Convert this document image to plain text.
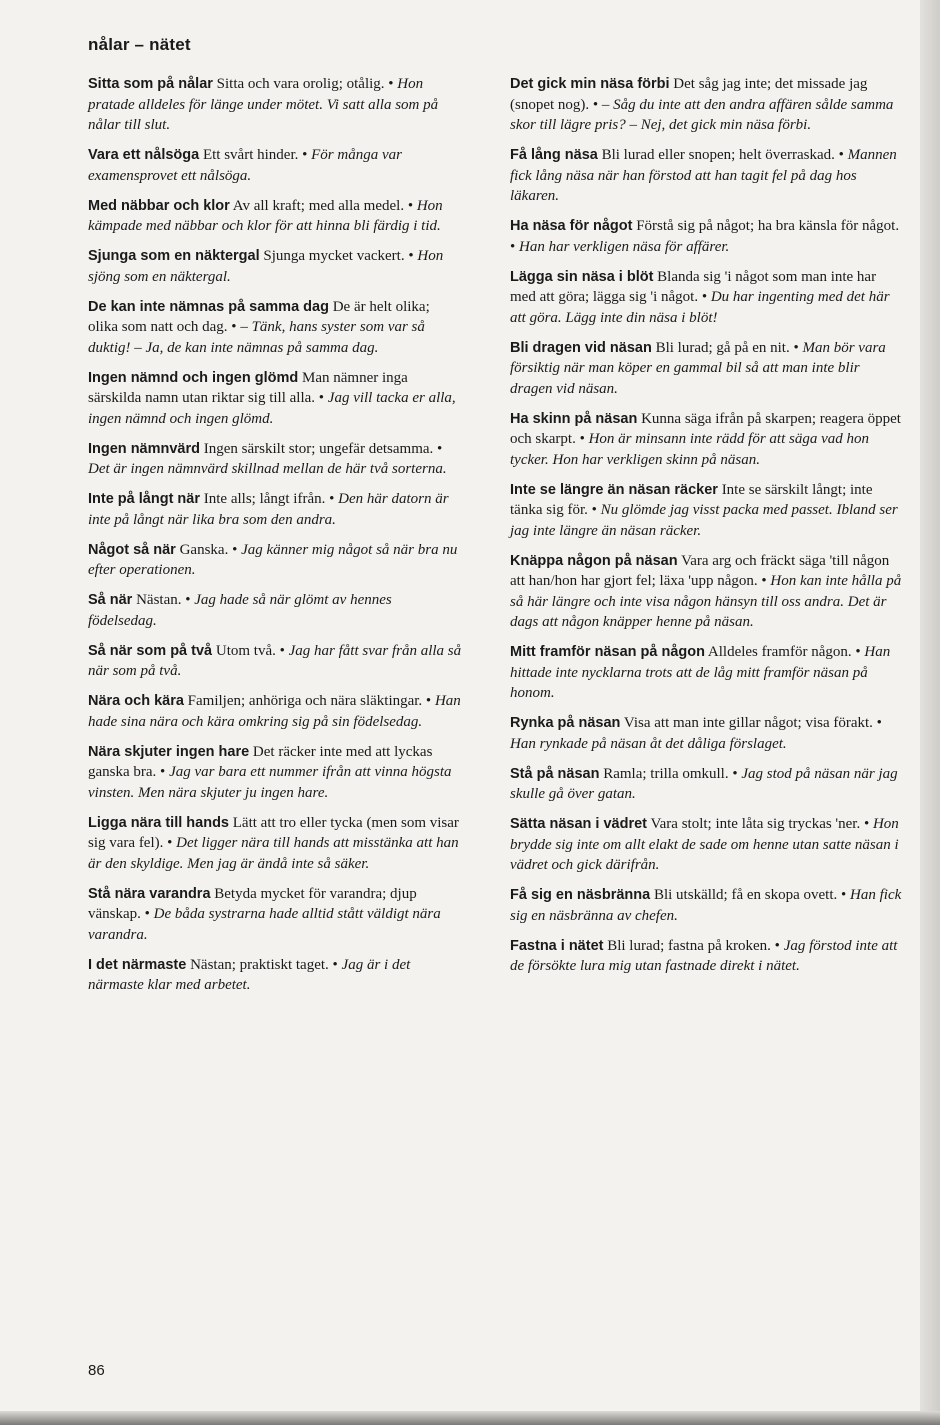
nålar – nätet
Sitta som på nålar Sitta och vara orolig; otålig. • Hon pratade alldeles för länge under mötet. Vi satt alla som på nålar till slut.
Vara ett nålsöga Ett svårt hinder. • För många var examensprovet ett nålsöga.
Med näbbar och klor Av all kraft; med alla medel. • Hon kämpade med näbbar och klor för att hinna bli färdig i tid.
Sjunga som en näktergal Sjunga mycket vackert. • Hon sjöng som en näktergal.
De kan inte nämnas på samma dag De är helt olika; olika som natt och dag. • – Tänk, hans syster som var så duktig! – Ja, de kan inte nämnas på samma dag.
Ingen nämnd och ingen glömd Man nämner inga särskilda namn utan riktar sig till alla. • Jag vill tacka er alla, ingen nämnd och ingen glömd.
Ingen nämnvärd Ingen särskilt stor; ungefär detsamma. • Det är ingen nämnvärd skillnad mellan de här två sorterna.
Inte på långt när Inte alls; långt ifrån. • Den här datorn är inte på långt när lika bra som den andra.
Något så när Ganska. • Jag känner mig något så när bra nu efter operationen.
Så när Nästan. • Jag hade så när glömt av hennes födelsedag.
Så när som på två Utom två. • Jag har fått svar från alla så när som på två.
Nära och kära Familjen; anhöriga och nära släktingar. • Han hade sina nära och kära omkring sig på sin födelsedag.
Nära skjuter ingen hare Det räcker inte med att lyckas ganska bra. • Jag var bara ett nummer ifrån att vinna högsta vinsten. Men nära skjuter ju ingen hare.
Ligga nära till hands Lätt att tro eller tycka (men som visar sig vara fel). • Det ligger nära till hands att misstänka att han är den skyldige. Men jag är ändå inte så säker.
Stå nära varandra Betyda mycket för varandra; djup vänskap. • De båda systrarna hade alltid stått väldigt nära varandra.
I det närmaste Nästan; praktiskt taget. • Jag är i det närmaste klar med arbetet.
Det gick min näsa förbi Det såg jag inte; det missade jag (snopet nog). • – Såg du inte att den andra affären sålde samma skor till lägre pris? – Nej, det gick min näsa förbi.
Få lång näsa Bli lurad eller snopen; helt överraskad. • Mannen fick lång näsa när han förstod att han tagit fel på dag hos läkaren.
Ha näsa för något Förstå sig på något; ha bra känsla för något. • Han har verkligen näsa för affärer.
Lägga sin näsa i blöt Blanda sig 'i något som man inte har med att göra; lägga sig 'i något. • Du har ingenting med det här att göra. Lägg inte din näsa i blöt!
Bli dragen vid näsan Bli lurad; gå på en nit. • Man bör vara försiktig när man köper en gammal bil så att man inte blir dragen vid näsan.
Ha skinn på näsan Kunna säga ifrån på skarpen; reagera öppet och skarpt. • Hon är minsann inte rädd för att säga vad hon tycker. Hon har verkligen skinn på näsan.
Inte se längre än näsan räcker Inte se särskilt långt; inte tänka sig för. • Nu glömde jag visst packa med passet. Ibland ser jag inte längre än näsan räcker.
Knäppa någon på näsan Vara arg och fräckt säga 'till någon att han/hon har gjort fel; läxa 'upp någon. • Hon kan inte hålla på så här längre och inte visa någon hänsyn till oss andra. Det är dags att någon knäpper henne på näsan.
Mitt framför näsan på någon Alldeles framför någon. • Han hittade inte nycklarna trots att de låg mitt framför näsan på honom.
Rynka på näsan Visa att man inte gillar något; visa förakt. • Han rynkade på näsan åt det dåliga förslaget.
Stå på näsan Ramla; trilla omkull. • Jag stod på näsan när jag skulle gå över gatan.
Sätta näsan i vädret Vara stolt; inte låta sig tryckas 'ner. • Hon brydde sig inte om allt elakt de sade om henne utan satte näsan i vädret och gick därifrån.
Få sig en näsbränna Bli utskälld; få en skopa ovett. • Han fick sig en näsbränna av chefen.
Fastna i nätet Bli lurad; fastna på kroken. • Jag förstod inte att de försökte lura mig utan fastnade direkt i nätet.
86
